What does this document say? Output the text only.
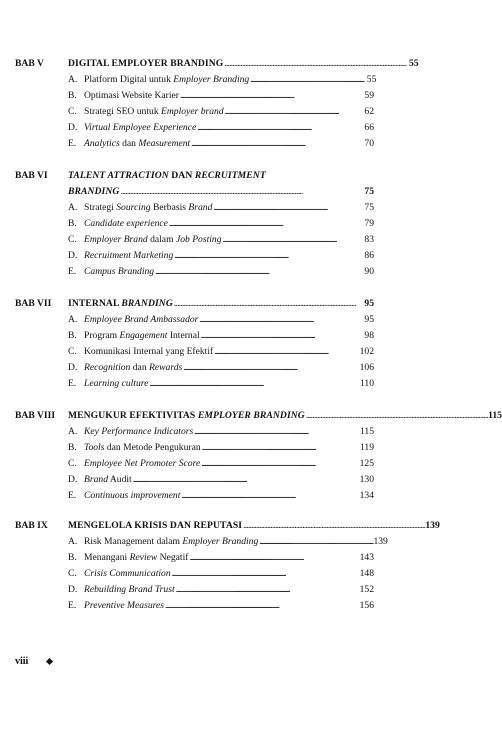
BAB V	DIGITAL EMPLOYER BRANDING . . .	55
A. Platform Digital untuk Employer Branding . . .	55
B. Optimasi Website Karier . . .	59
C. Strategi SEO untuk Employer brand . . .	62
D. Virtual Employee Experience . . .	66
E. Analytics dan Measurement . . .	70
BAB VI TALENT ATTRACTION DAN RECRUITMENT
BRANDING . . .	75
A. Strategi Sourcing Berbasis Brand . . .	75
B. Candidate experience . . .	79
C. Employer Brand dalam Job Posting . . .	83
D. Recruitment Marketing . . .	86
E. Campus Branding . . .	90
BAB VII INTERNAL BRANDING . . .	95
A. Employee Brand Ambassador . . .	95
B. Program Engagement Internal . . .	98
C. Komunikasi Internal yang Efektif . . .	102
D. Recognition dan Rewards . . .	106
E. Learning culture . . .	110
BAB VIII MENGUKUR EFEKTIVITAS EMPLOYER BRANDING . . .	115
A. Key Performance Indicators . . .	115
B. Tools dan Metode Pengukuran . . .	119
C. Employee Net Promoter Score . . .	125
D. Brand Audit . . .	130
E. Continuous improvement . . .	134
BAB IX MENGELOLA KRISIS DAN REPUTASI . . .	139
A. Risk Management dalam Employer Branding . . .	139
B. Menangani Review Negatif . . .	143
C. Crisis Communication . . .	148
D. Rebuilding Brand Trust . . .	152
E. Preventive Measures . . .	156
viii
